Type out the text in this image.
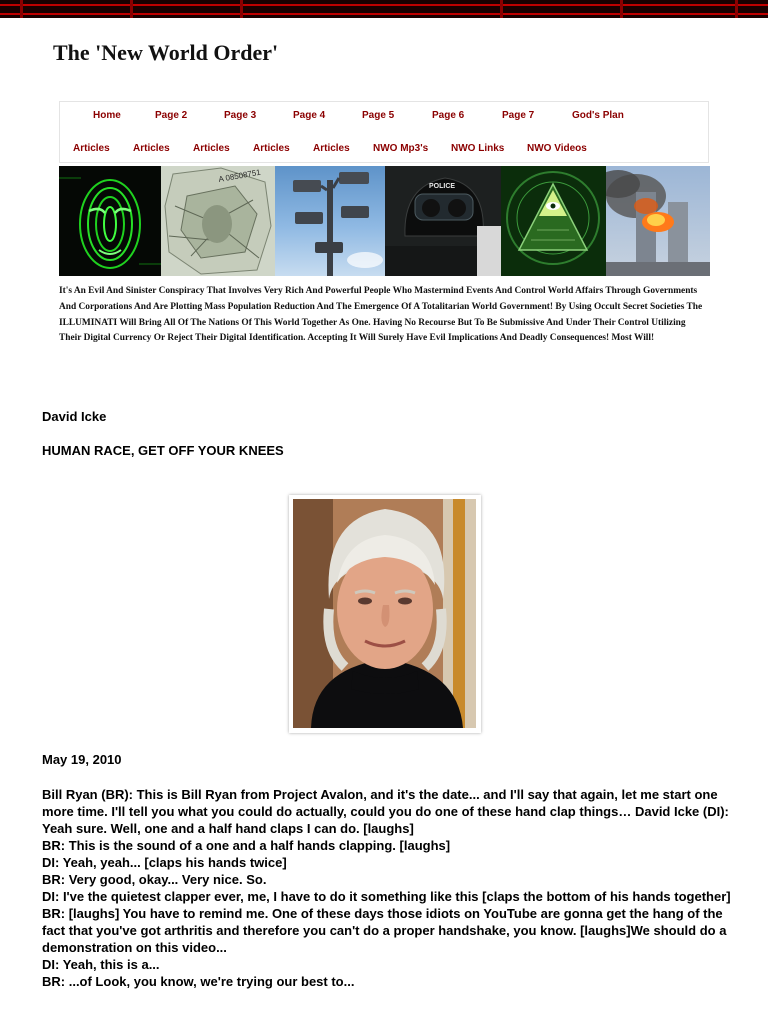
The 'New World Order'
Home	Page 2	Page 3	Page 4	Page 5	Page 6	Page 7	God's Plan
Articles Articles Articles Articles Articles NWO Mp3's NWO Links NWO Videos
A 08508751
POLICE

It's An Evil And Sinister Conspiracy That Involves Very Rich And Powerful People Who Mastermind Events And Control World Affairs Through Governments And Corporations And Are Plotting Mass Population Reduction And The Emergence Of A Totalitarian World Government! By Using Occult Secret Societies The ILLUMINATI Will Bring All Of The Nations Of This World Together As One. Having No Recourse But To Be Submissive And Under Their Control Utilizing Their Digital Currency Or Reject Their Digital Identification. Accepting It Will Surely Have Evil Implications And Deadly Consequences! Most Will!

David Icke

HUMAN RACE, GET OFF YOUR KNEES

May 19, 2010

Bill Ryan (BR): This is Bill Ryan from Project Avalon, and it's the date... and I'll say that again, let me start one more time. I'll tell you what you could do actually, could you do one of these hand clap things… David Icke (DI): Yeah sure. Well, one and a half hand claps I can do. [laughs]

BR: This is the sound of a one and a half hands clapping. [laughs]

DI: Yeah, yeah... [claps his hands twice]

BR: Very good, okay... Very nice. So.

DI: I've the quietest clapper ever, me, I have to do it something like this [claps the bottom of his hands together]

BR: [laughs] You have to remind me. One of these days those idiots on YouTube are gonna get the hang of the fact that you've got arthritis and therefore you can't do a proper handshake, you know. [laughs]We should do a demonstration on this video...

DI: Yeah, this is a...

BR: ...of Look, you know, we're trying our best to...
